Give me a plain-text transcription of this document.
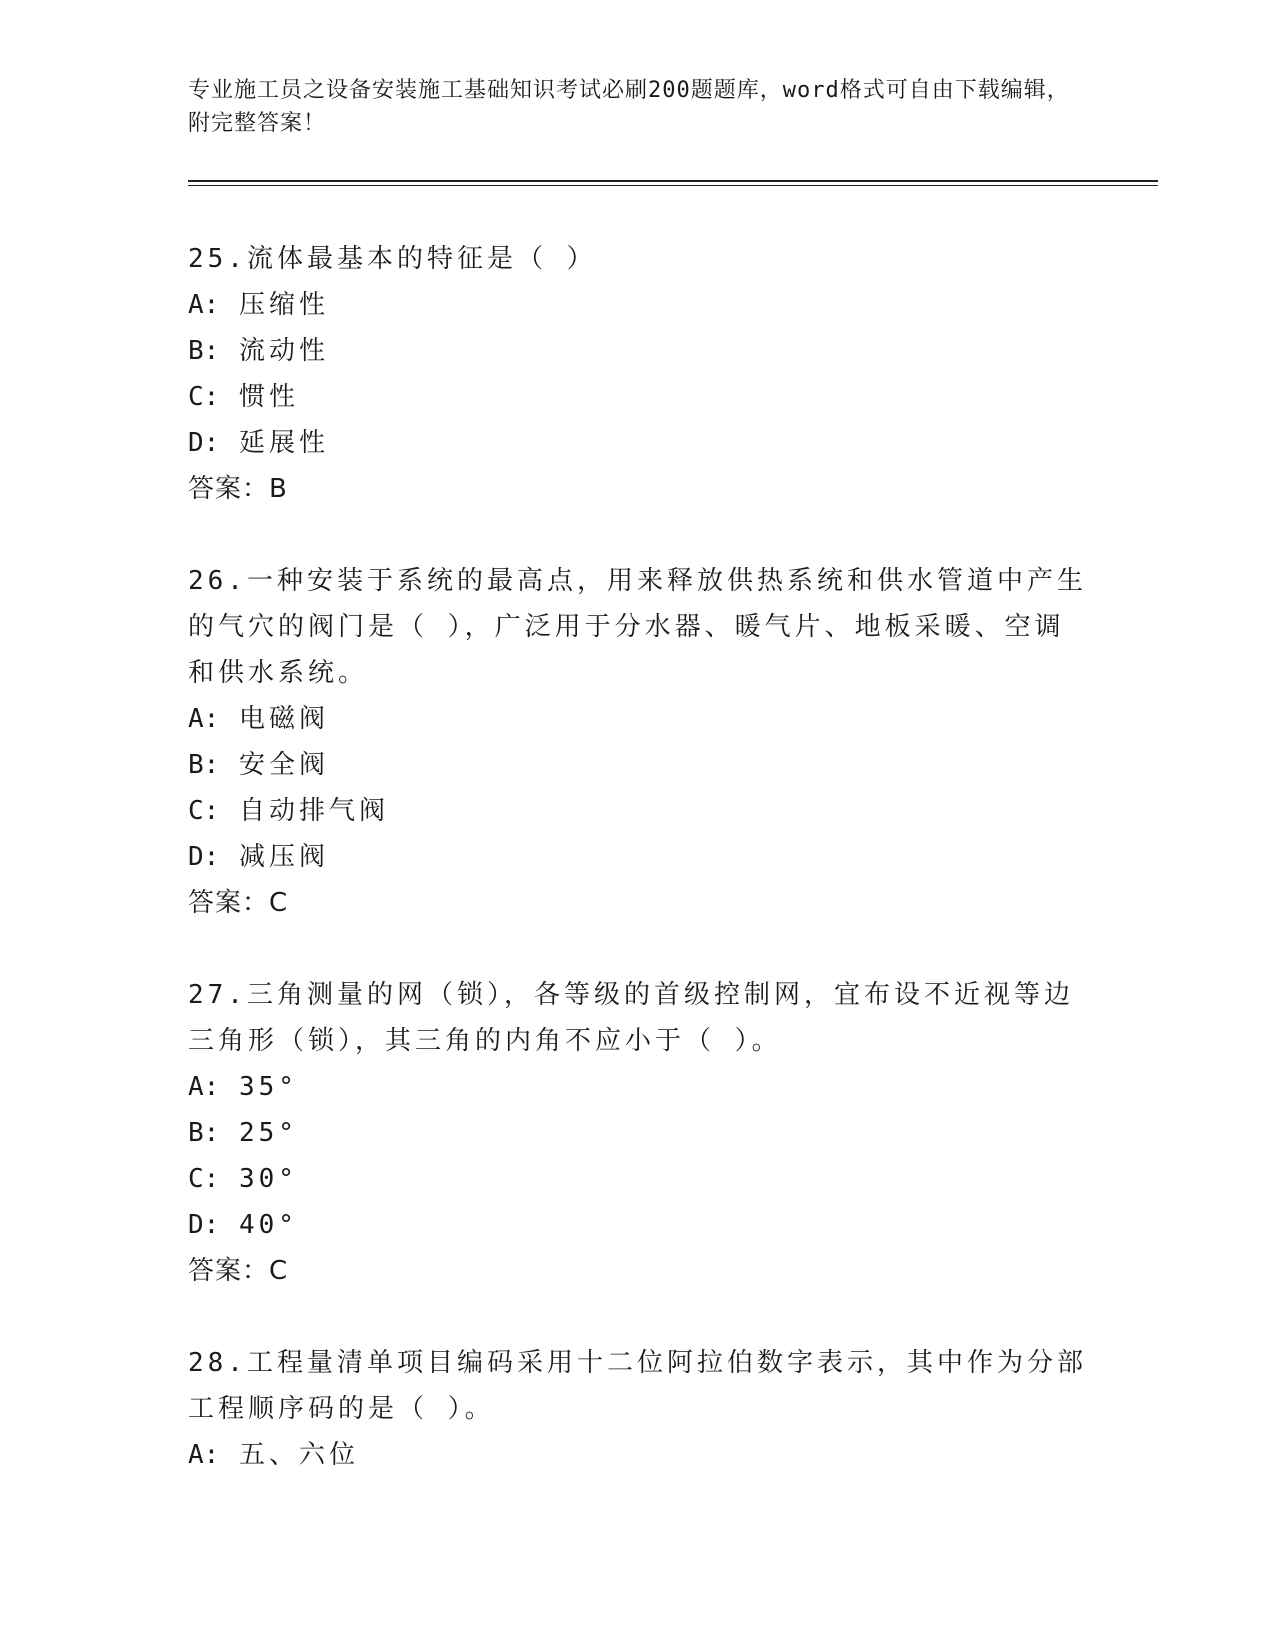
专业施工员之设备安装施工基础知识考试必刷200题题库，word格式可自由下载编辑，附完整答案！
25.流体最基本的特征是（ ）
A: 压缩性
B: 流动性
C: 惯性
D: 延展性
答案：B
26.一种安装于系统的最高点，用来释放供热系统和供水管道中产生的气穴的阀门是（ ），广泛用于分水器、暖气片、地板采暖、空调和供水系统。
A: 电磁阀
B: 安全阀
C: 自动排气阀
D: 减压阀
答案：C
27.三角测量的网（锁），各等级的首级控制网，宜布设不近视等边三角形（锁），其三角的内角不应小于（ ）。
A: 35°
B: 25°
C: 30°
D: 40°
答案：C
28.工程量清单项目编码采用十二位阿拉伯数字表示，其中作为分部工程顺序码的是（ ）。
A: 五、六位
